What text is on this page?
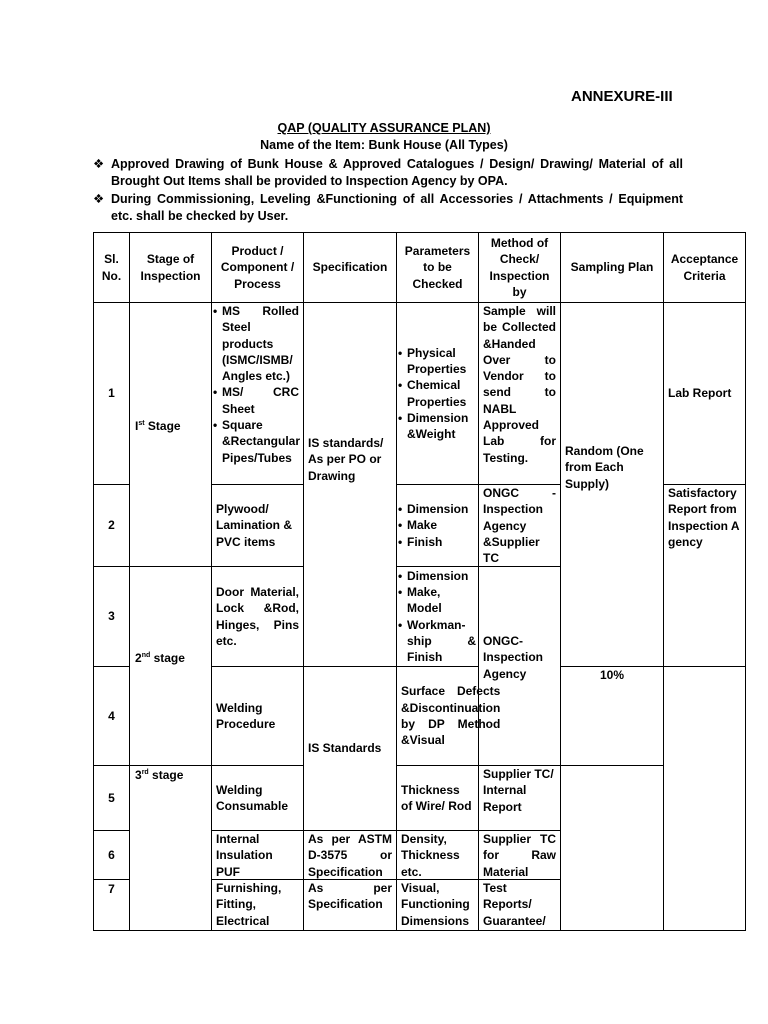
ANNEXURE-III
QAP (QUALITY ASSURANCE PLAN)
Name of the Item: Bunk House (All Types)
❖ Approved Drawing of Bunk House & Approved Catalogues / Design/ Drawing/ Material of all Brought Out Items shall be provided to Inspection Agency by OPA.
❖ During Commissioning, Leveling &Functioning of all Accessories / Attachments / Equipment etc. shall be checked by User.
Sl. No.
Stage of Inspection
Product / Component / Process
Specification
Parameters to be Checked
Method of Check/ Inspection by
Sampling Plan
Acceptance Criteria
1
2
3
4
5
6
7
Ist Stage
2nd stage
3rd stage
• MS Rolled Steel products (ISMC/ISMB/ Angles etc.)
• MS/ CRC Sheet
• Square &Rectangular Pipes/Tubes
Plywood/ Lamination & PVC items
Door Material, Lock &Rod, Hinges, Pins etc.
Welding Procedure
Welding Consumable
Internal Insulation PUF
Furnishing, Fitting, Electrical
IS standards/ As per PO or Drawing
IS Standards
As per ASTM D-3575 or Specification
As per Specification
• Physical Properties
• Chemical Properties
• Dimension &Weight
• Dimension
• Make
• Finish
• Dimension
• Make, Model
• Workman-ship & Finish
Surface Defects &Discontinuation by DP Method &Visual
Thickness of Wire/ Rod
Density, Thickness etc.
Visual, Functioning Dimensions
Sample will be Collected &Handed Over to Vendor to send to NABL Approved Lab for Testing.
ONGC - Inspection Agency &Supplier TC
ONGC- Inspection Agency
Supplier TC/ Internal Report
Supplier TC for Raw Material
Test Reports/ Guarantee/
Random (One from Each Supply)
10%
Lab Report
Satisfactory Report from Inspection Agency
